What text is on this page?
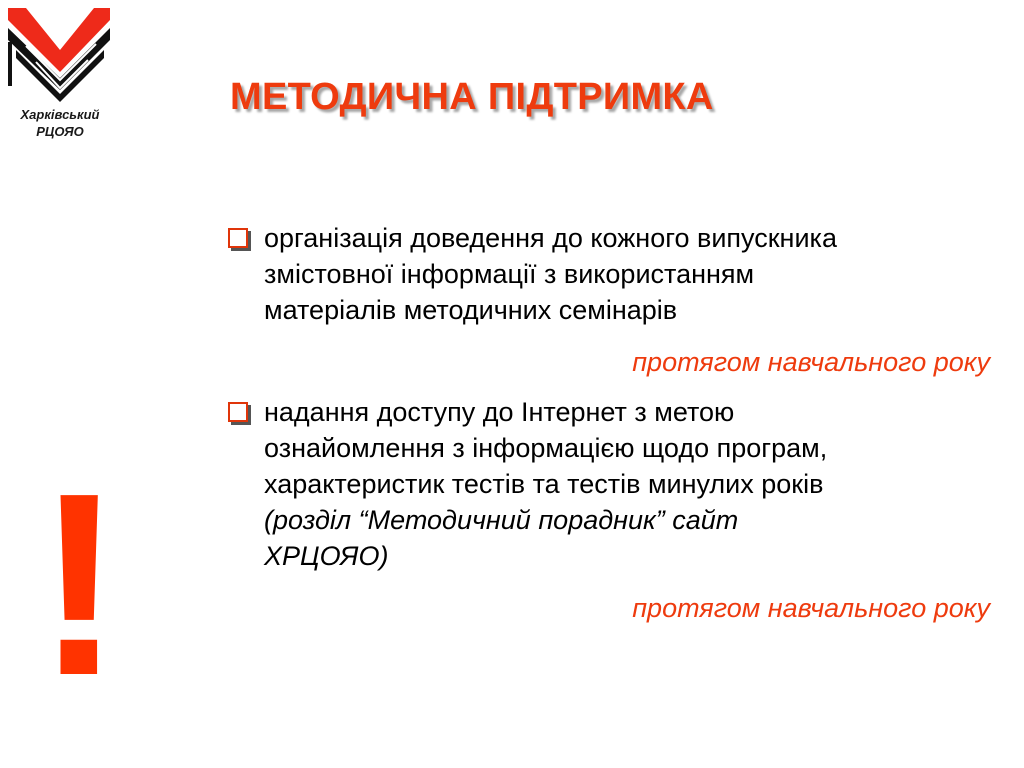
Харківський
РЦОЯО
МЕТОДИЧНА ПІДТРИМКА
!
організація доведення до кожного випускника
змістовної інформації з використанням
матеріалів методичних семінарів
протягом навчального року
надання доступу до Інтернет з метою
ознайомлення з інформацією щодо програм,
характеристик тестів та тестів минулих років
(розділ “Методичний порадник” сайт
ХРЦОЯО)
протягом навчального року
